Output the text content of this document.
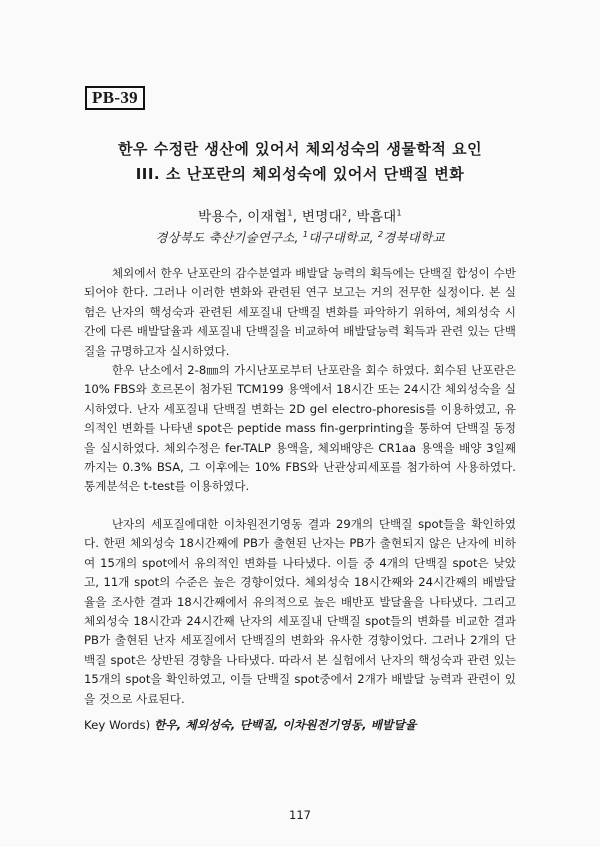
PB-39
한우 수정란 생산에 있어서 체외성숙의 생물학적 요인
III. 소 난포란의 체외성숙에 있어서 단백질 변화
박용수, 이재협$^1$, 변명대$^2$, 박흠대$^1$
경상북도 축산기술연구소, $^1$대구대학교, $^2$경북대학교

체외에서 한우 난포란의 감수분열과 배발달 능력의 획득에는 단백질 합성이 수반되어야 한다. 그러나 이러한 변화와 관련된 연구 보고는 거의 전무한 실정이다. 본 실험은 난자의 핵성숙과 관련된 세포질내 단백질 변화를 파악하기 위하여, 체외성숙 시간에 다른 배발달율과 세포질내 단백질을 비교하여 배발달능력 획득과 관련 있는 단백질을 규명하고자 실시하였다.

한우 난소에서 2-8㎜의 가시난포로부터 난포란을 회수 하였다. 회수된 난포란은 10% FBS와 호르몬이 첨가된 TCM199 용액에서 18시간 또는 24시간 체외성숙을 실시하였다. 난자 세포질내 단백질 변화는 2D gel electro-phoresis를 이용하였고, 유의적인 변화를 나타낸 spot은 peptide mass fin-gerprinting을 통하여 단백질 동정을 실시하였다. 체외수정은 fer-TALP 용액을, 체외배양은 CR1aa 용액을 배양 3일째까지는 0.3% BSA, 그 이후에는 10% FBS와 난관상피세포를 첨가하여 사용하였다. 통계분석은 t-test를 이용하였다.

난자의 세포질에대한 이차원전기영동 결과 29개의 단백질 spot들을 확인하였다. 한편 체외성숙 18시간째에 PB가 출현된 난자는 PB가 출현되지 않은 난자에 비하여 15개의 spot에서 유의적인 변화를 나타냈다. 이들 중 4개의 단백질 spot은 낮았고, 11개 spot의 수준은 높은 경향이었다. 체외성숙 18시간째와 24시간째의 배발달율을 조사한 결과 18시간째에서 유의적으로 높은 배반포 발달율을 나타냈다. 그리고 체외성숙 18시간과 24시간째 난자의 세포질내 단백질 spot들의 변화를 비교한 결과 PB가 출현된 난자 세포질에서 단백질의 변화와 유사한 경향이었다. 그러나 2개의 단백질 spot은 상반된 경향을 나타냈다. 따라서 본 실험에서 난자의 핵성숙과 관련 있는 15개의 spot을 확인하였고, 이들 단백질 spot중에서 2개가 배발달 능력과 관련이 있을 것으로 사료된다.

Key Words) 한우, 체외성숙, 단백질, 이차원전기영동, 배발달율
117
